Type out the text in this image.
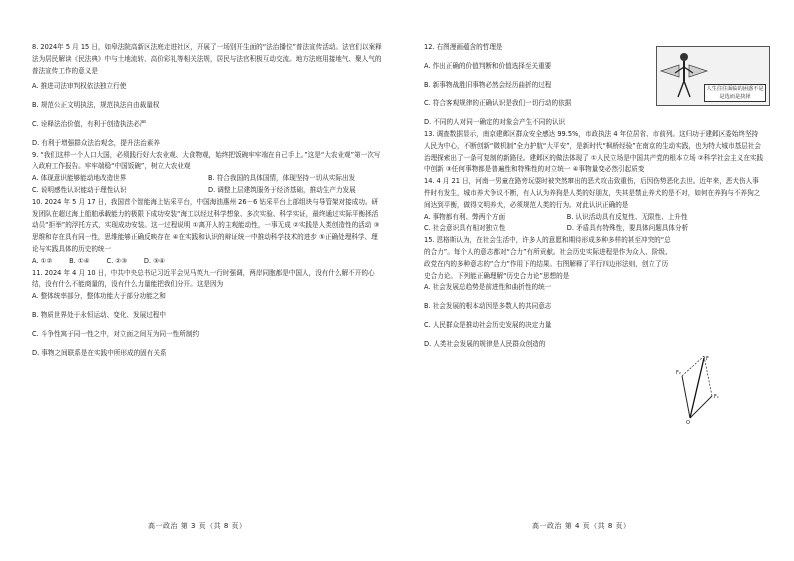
8. 2024年 5 月 15 日，如皋法院高新区法庭走进社区，开展了一场别开生面的“法治播位”普法宣传活动。法官们以案释法为居民解读《民法典》中与土地流转、高价彩礼等相关法规，居民与法官积极互动交流。地方法庭用接地气、聚人气的普法宣传工作的意义是

A. 推进司法审判权依法独立行使

B. 规范公正文明执法，规范执法自由裁量权

C. 诠释法治价值，有利于创造执法必严

D. 有利于增强群众法治观念，提升法治素养

9. “我们这样一个人口大国，必须践行好大农业观、大食物观，始终把饭碗牢牢端在自己手上。”这是“大农业观”第一次写入政府工作报告。牢牢端稳“中国饭碗”，树立大农业观

A. 体现意识能够能动地改造世界	B. 符合我国的具体国情，体现坚持一切从实际出发

C. 说明感性认识能动于理性认识	D. 调整上层建筑服务于经济基础，推动生产力发展

10. 2024 年 5 月 17 日，我国首个智能海上钻采平台，中国海油惠州 26－6 钻采平台上部组块与导管架对接成功。研发团队在超过海上船舶承载能力的极限下成功安装“海工以经过科学想象、多次实验、科学实证，最终通过实际平衡拯活动员“拒举”的浮托方式，实现成功安装。这一过程说明 ①离开人的主观能动性，一事无成 ②实践是人类创造性的活动 ③思维和存在具有同一性，思维能够正确反映存在 ④在实践和认识的辩证统一中推动科学技术的进步 ⑤正确处理科学、理论与实践具体的历史的统一

A. ①②        B. ①④        C. ②③        D. ③④

11. 2024 年 4 月 10 日，中共中央总书记习近平会见马英九一行时强调，两岸同胞都是中国人，没有什么解不开的心结，没有什么不能商量的，没有什么力量能把我们分开。这是因为

A. 整体统率部分，整体功能大于部分功能之和

B. 物质世界处于永恒运动、变化、发展过程中

C. 斗争性寓于同一性之中，对立面之间互为同一性所制约

D. 事物之间联系是在实践中所形成的固有关系

高一政治 第 3 页（共 8 页）

12. 右图漫画蕴含的哲理是

A. 作出正确的价值判断和价值选择至关重要

B. 新事物战胜旧事物必然会经历曲折的过程

C. 符合客观规律的正确认识是我们一切行动的依据

D. 不同的人对同一确定的对象会产生不同的认识

13. 调查数据显示，南京建邺区群众安全感达 99.5%，市政执法 4 年位居省、市前列。这归功于建邺区委始终坚持人民为中心，不断创新“微机制”全力护航“大平安”，是新时代“枫桥经验”在南京的生动实践，也为特大城市基层社会治理探索出了一条可复制的新路径。建邺区的做法体现了 ①人民立场是中国共产党的根本立场 ②科学社会主义在实践中创新 ③任何事物都是普遍性和特殊性的对立统一 ④事物量变必然引起质变

14. 4 月 21 日，河南一男童在路旁玩耍时被突然窜出的恶犬攻击致重伤，后因伤势恶化去世。近年来，恶犬伤人事件时有发生，城市养犬争议不断，有人认为养狗是人类的好朋友，失其是禁止养犬的是不对，如何在养狗与不养狗之间达到平衡，做得文明养犬，必须规范人类的行为。对此认识正确的是

A. 事物都有利、弊两个方面	B. 认识活动具有反复性、无限性、上升性

C. 社会意识具有相对独立性	D. 矛盾具有特殊性，要具体问题具体分析

15. 恩格斯认为，在社会生活中，许多人的意愿和期待形成多种多样的甚至冲突的“总的合力”。每个人的意志都对“合力”有所贡献。社会历史实际进程是作为众人、阶级、政党在内的多种意志的“合力”作用下的结果。右图解释了平行四边形法则，创立了历史合力论。下列能正确理解“历史合力论”思想的是

A. 社会发展总趋势是前进性和曲折性的统一

B. 社会发展的根本动因是多数人的共同意志

C. 人民群众是推动社会历史发展的决定力量

D. 人类社会发展的规律是人民群众创造的

高一政治 第 4 页（共 8 页）
人生往往面临的困惑不是是选而是抉择
F₂
F
F₁
O
